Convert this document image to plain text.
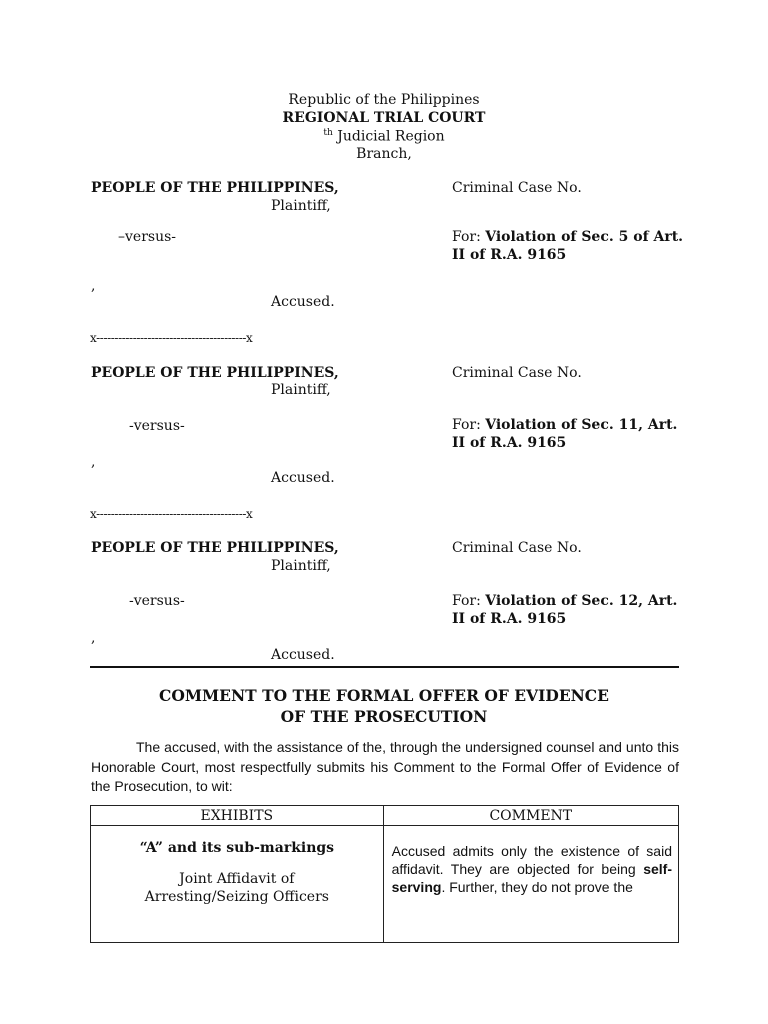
Republic of the Philippines
REGIONAL TRIAL COURT
$^{th}$ Judicial Region
Branch,
PEOPLE OF THE PHILIPPINES,
Plaintiff,
–versus-
,
Accused.
Criminal Case No.
For: Violation of Sec. 5 of Art.
II of R.A. 9165
x-----------------------------------------x
PEOPLE OF THE PHILIPPINES,
Plaintiff,
-versus-
,
Accused.
Criminal Case No.
For: Violation of Sec. 11, Art.
II of R.A. 9165
x-----------------------------------------x
PEOPLE OF THE PHILIPPINES,
Plaintiff,
-versus-
,
Accused.
Criminal Case No.
For: Violation of Sec. 12, Art.
II of R.A. 9165
COMMENT TO THE FORMAL OFFER OF EVIDENCE
OF THE PROSECUTION
The accused, with the assistance of the, through the undersigned counsel and unto this Honorable Court, most respectfully submits his Comment to the Formal Offer of Evidence of the Prosecution, to wit:
EXHIBITS	COMMENT

“A” and its sub-markings
Joint Affidavit of Arresting/Seizing Officers	Accused admits only the existence of said affidavit. They are objected for being self-serving. Further, they do not prove the
